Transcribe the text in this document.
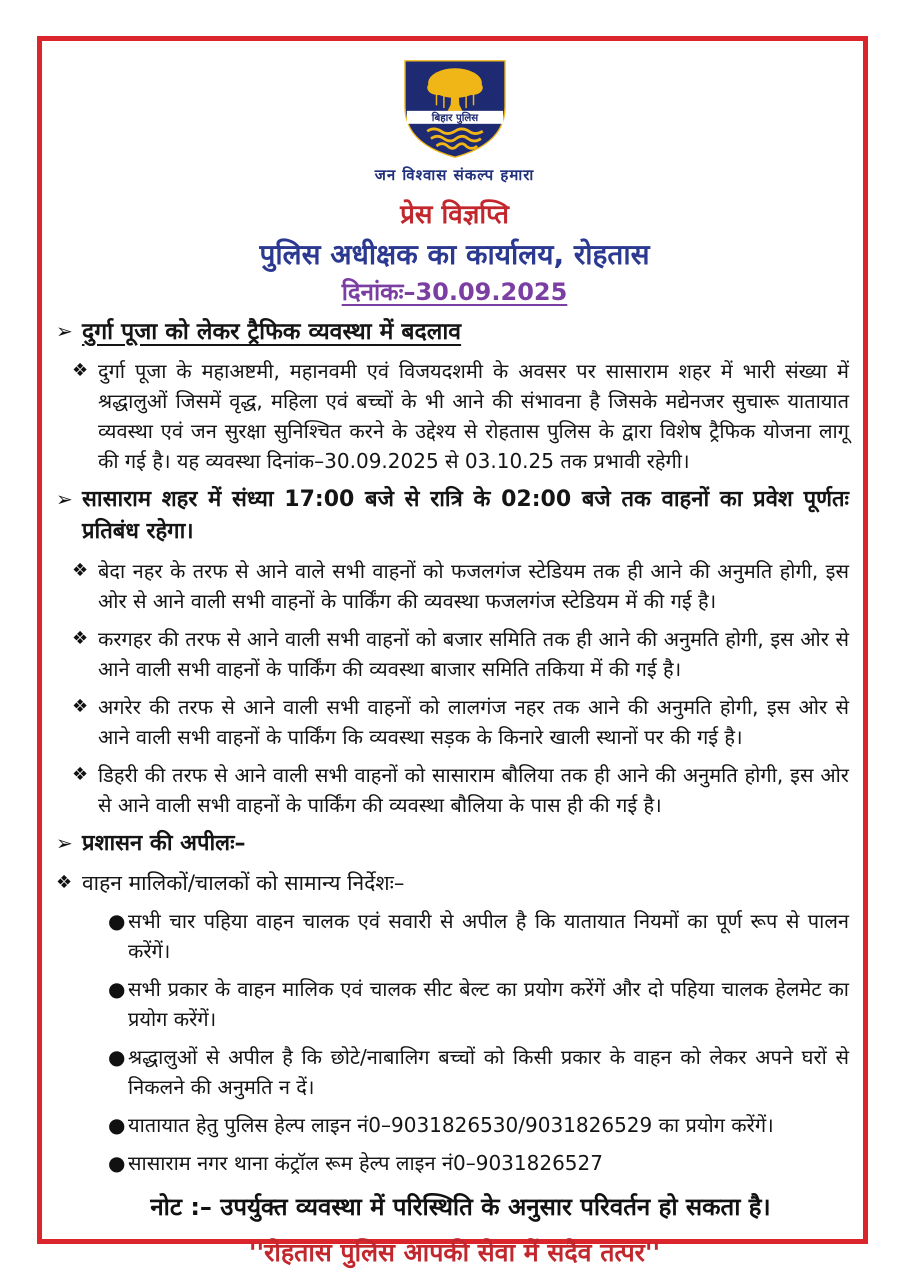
बिहार पुलिस
जन विश्वास संकल्प हमारा
प्रेस विज्ञप्ति
पुलिस अधीक्षक का कार्यालय, रोहतास
दिनांकः–30.09.2025
➢ दुर्गा पूजा को लेकर ट्रैफिक व्यवस्था में बदलाव
❖ दुर्गा पूजा के महाअष्टमी, महानवमी एवं विजयदशमी के अवसर पर सासाराम शहर में भारी संख्या में श्रद्धालुओं जिसमें वृद्ध, महिला एवं बच्चों के भी आने की संभावना है जिसके मद्येनजर सुचारू यातायात व्यवस्था एवं जन सुरक्षा सुनिश्चित करने के उद्देश्य से रोहतास पुलिस के द्वारा विशेष ट्रैफिक योजना लागू की गई है। यह व्यवस्था दिनांक–30.09.2025 से 03.10.25 तक प्रभावी रहेगी।
➢ सासाराम शहर में संध्या 17:00 बजे से रात्रि के 02:00 बजे तक वाहनों का प्रवेश पूर्णतः प्रतिबंध रहेगा।
❖ बेदा नहर के तरफ से आने वाले सभी वाहनों को फजलगंज स्टेडियम तक ही आने की अनुमति होगी, इस ओर से आने वाली सभी वाहनों के पार्किंग की व्यवस्था फजलगंज स्टेडियम में की गई है।
❖ करगहर की तरफ से आने वाली सभी वाहनों को बजार समिति तक ही आने की अनुमति होगी, इस ओर से आने वाली सभी वाहनों के पार्किंग की व्यवस्था बाजार समिति तकिया में की गई है।
❖ अगरेर की तरफ से आने वाली सभी वाहनों को लालगंज नहर तक आने की अनुमति होगी, इस ओर से आने वाली सभी वाहनों के पार्किंग कि व्यवस्था सड़क के किनारे खाली स्थानों पर की गई है।
❖ डिहरी की तरफ से आने वाली सभी वाहनों को सासाराम बौलिया तक ही आने की अनुमति होगी, इस ओर से आने वाली सभी वाहनों के पार्किंग की व्यवस्था बौलिया के पास ही की गई है।
➢ प्रशासन की अपीलः–
❖ वाहन मालिकों/चालकों को सामान्य निर्देशः–
● सभी चार पहिया वाहन चालक एवं सवारी से अपील है कि यातायात नियमों का पूर्ण रूप से पालन करेंगें।
● सभी प्रकार के वाहन मालिक एवं चालक सीट बेल्ट का प्रयोग करेंगें और दो पहिया चालक हेलमेट का प्रयोग करेंगें।
● श्रद्धालुओं से अपील है कि छोटे/नाबालिग बच्चों को किसी प्रकार के वाहन को लेकर अपने घरों से निकलने की अनुमति न दें।
● यातायात हेतु पुलिस हेल्प लाइन नं0–9031826530/9031826529 का प्रयोग करेंगें।
● सासाराम नगर थाना कंट्रॉल रूम हेल्प लाइन नं0–9031826527
नोट :– उपर्युक्त व्यवस्था में परिस्थिति के अनुसार परिवर्तन हो सकता है।
''रोहतास पुलिस आपकी सेवा में सदैव तत्पर''
